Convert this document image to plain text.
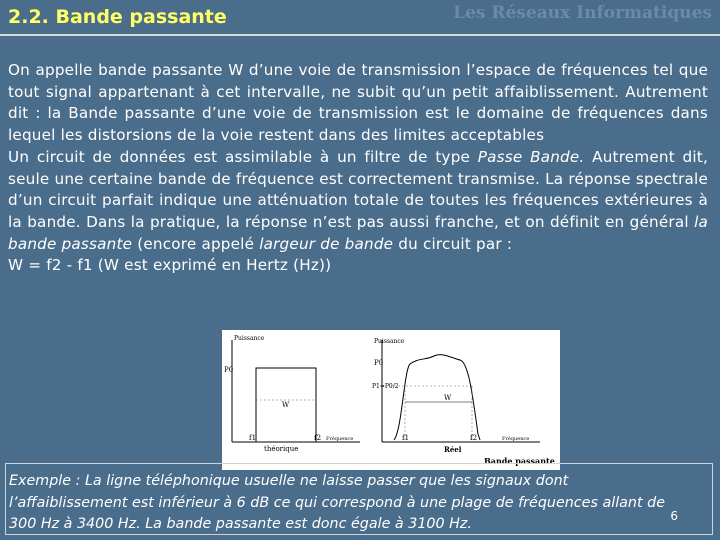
2.2. Bande passante	Les Réseaux Informatiques

On appelle bande passante W d’une voie de transmission l’espace de fréquences tel que tout signal appartenant à cet intervalle, ne subit qu’un petit affaiblissement. Autrement dit : la Bande passante d’une voie de transmission est le domaine de fréquences dans lequel les distorsions de la voie restent dans des limites acceptables

Un circuit de données est assimilable à un filtre de type Passe Bande. Autrement dit, seule une certaine bande de fréquence est correctement transmise. La réponse spectrale d’un circuit parfait indique une atténuation totale de toutes les fréquences extérieures à la bande. Dans la pratique, la réponse n’est pas aussi franche, et on définit en général la bande passante (encore appelé largeur de bande du circuit par :

W = f2 - f1 (W est exprimé en Hertz (Hz))

Puissance
P0
W
f1	f2 Fréquence
théorique
Puissance
P0
P1=P0/2
W
f1	f2	Fréquence
Réel
Bande passante
Exemple : La ligne téléphonique usuelle ne laisse passer que les signaux dont l’affaiblissement est inférieur à 6 dB ce qui correspond à une plage de fréquences allant de 300 Hz à 3400 Hz. La bande passante est donc égale à 3100 Hz.	6
